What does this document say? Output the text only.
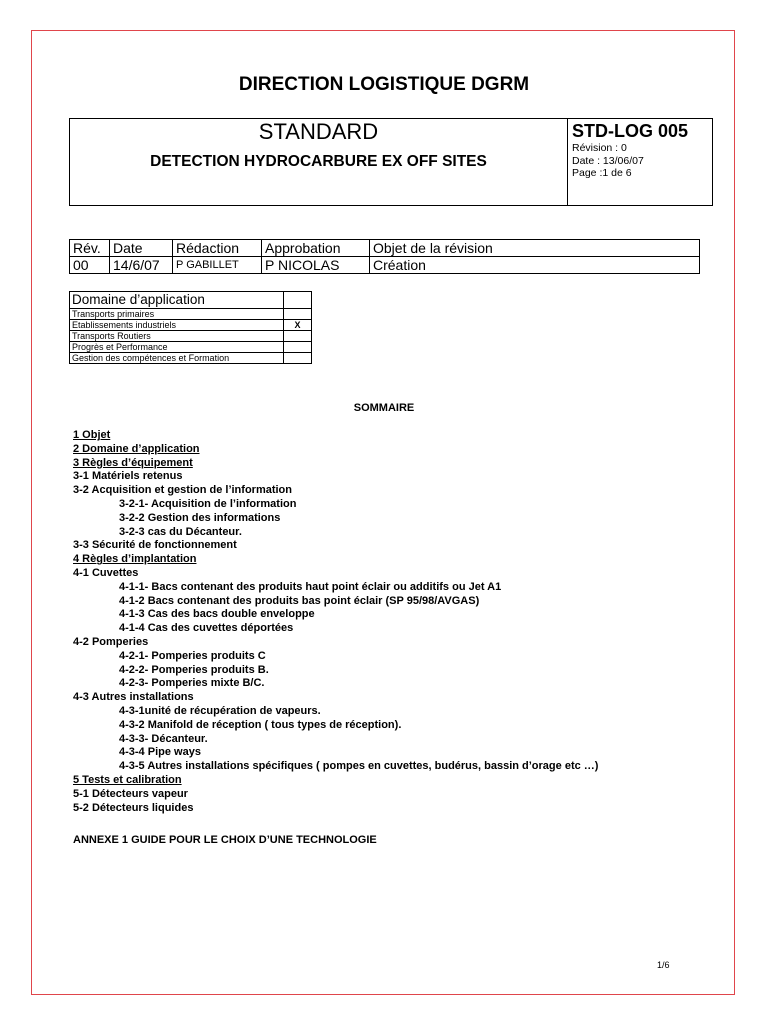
DIRECTION LOGISTIQUE DGRM
STANDARD
DETECTION HYDROCARBURE EX OFF SITES
STD-LOG 005
Révision : 0
Date : 13/06/07
Page :1 de 6
Rév.	Date	Rédaction	Approbation	Objet de la révision
00	14/6/07	P GABILLET	P NICOLAS	Création
Domaine d’application	
Transports primaires	
Etablissements industriels	X
Transports Routiers	
Progrès et Performance	
Gestion des compétences et Formation	
SOMMAIRE
1 Objet
2 Domaine d’application
3 Règles d’équipement
3-1 Matériels retenus
3-2 Acquisition et gestion de l’information
3-2-1- Acquisition de l’information
3-2-2 Gestion des informations
3-2-3 cas du Décanteur.
3-3 Sécurité de fonctionnement
4 Règles d’implantation
4-1 Cuvettes
4-1-1- Bacs contenant des produits haut point éclair ou additifs ou Jet A1
4-1-2 Bacs contenant des produits bas point éclair (SP 95/98/AVGAS)
4-1-3 Cas des bacs double enveloppe
4-1-4 Cas des cuvettes déportées
4-2 Pomperies
4-2-1- Pomperies produits C
4-2-2- Pomperies produits B.
4-2-3- Pomperies mixte B/C.
4-3 Autres installations
4-3-1unité de récupération de vapeurs.
4-3-2 Manifold de réception ( tous types de réception).
4-3-3- Décanteur.
4-3-4 Pipe ways
4-3-5 Autres installations spécifiques ( pompes en cuvettes, budérus, bassin d’orage etc …)
5 Tests et calibration
5-1 Détecteurs vapeur
5-2 Détecteurs liquides
ANNEXE 1 GUIDE POUR LE CHOIX D’UNE TECHNOLOGIE
1/6
